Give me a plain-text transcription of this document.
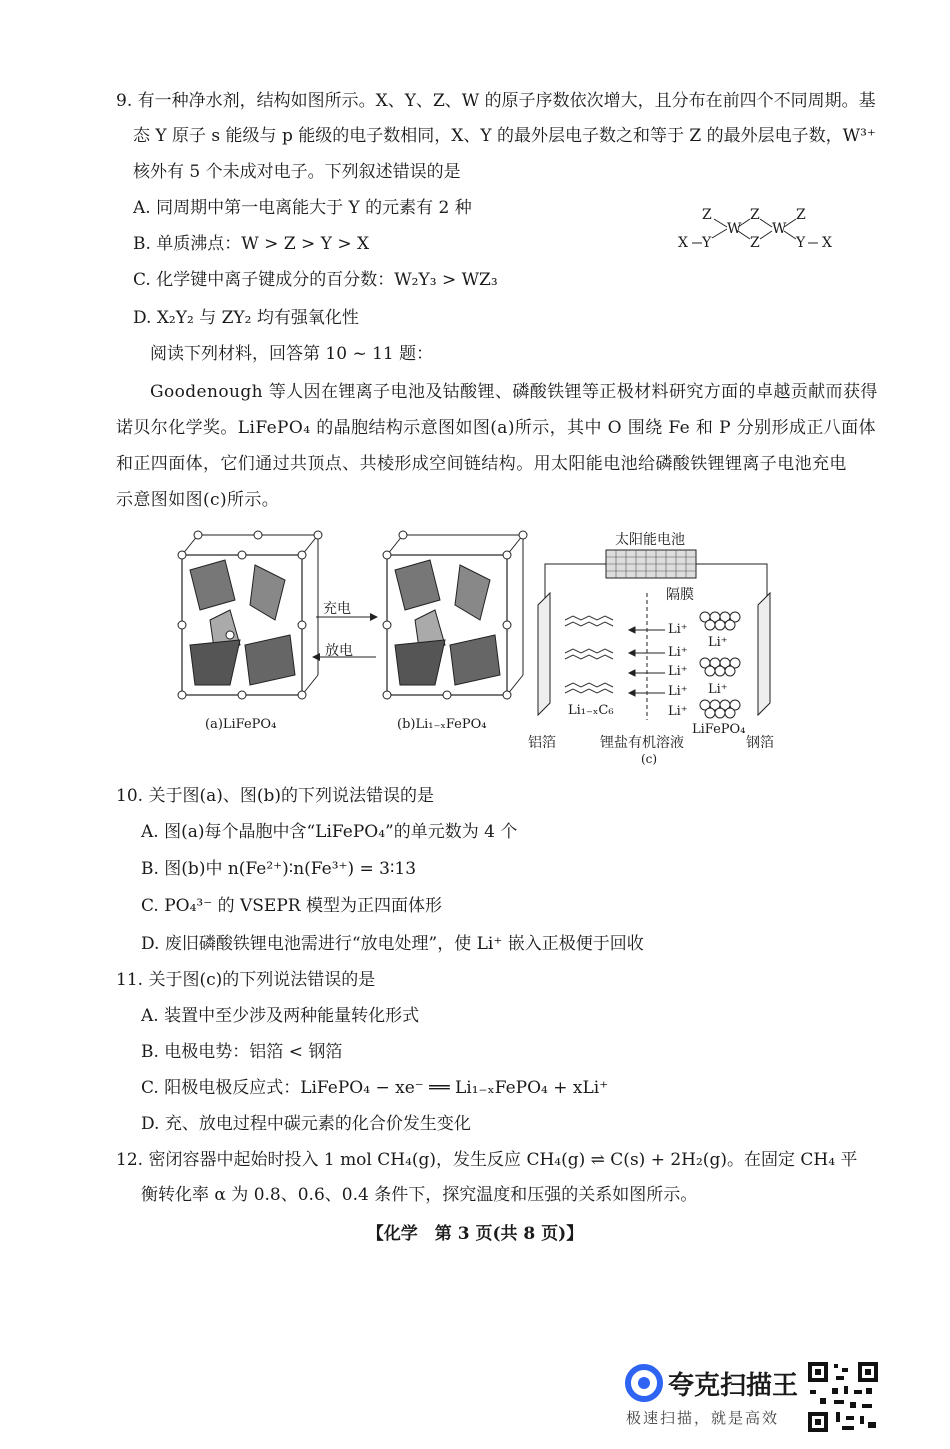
9. 有一种净水剂，结构如图所示。X、Y、Z、W 的原子序数依次增大，且分布在前四个不同周期。基
态 Y 原子 s 能级与 p 能级的电子数相同，X、Y 的最外层电子数之和等于 Z 的最外层电子数，W³⁺
核外有 5 个未成对电子。下列叙述错误的是
A. 同周期中第一电离能大于 Y 的元素有 2 种
B. 单质沸点：W > Z > Y > X
C. 化学键中离子键成分的百分数：W₂Y₃ > WZ₃
D. X₂Y₂ 与 ZY₂ 均有强氧化性
Z	Z	Z
W W
X Y	Z	Y X
阅读下列材料，回答第 10 ~ 11 题：
Goodenough 等人因在锂离子电池及钴酸锂、磷酸铁锂等正极材料研究方面的卓越贡献而获得
诺贝尔化学奖。LiFePO₄ 的晶胞结构示意图如图(a)所示，其中 O 围绕 Fe 和 P 分别形成正八面体
和正四面体，它们通过共顶点、共棱形成空间链结构。用太阳能电池给磷酸铁锂锂离子电池充电
示意图如图(c)所示。
(a)LiFePO₄	(b)Li₁₋ₓFePO₄
充电
放电
太阳能电池
隔膜
Li⁺
Li⁺
Li⁺
Li⁺
Li⁺
Li⁺
Li⁺
Li₁₋ₓC₆
LiFePO₄
铝箔	锂盐有机溶液	钢箔
(c)
10. 关于图(a)、图(b)的下列说法错误的是
A. 图(a)每个晶胞中含“LiFePO₄”的单元数为 4 个
B. 图(b)中 n(Fe²⁺)∶n(Fe³⁺) = 3∶13
C. PO₄³⁻ 的 VSEPR 模型为正四面体形
D. 废旧磷酸铁锂电池需进行“放电处理”，使 Li⁺ 嵌入正极便于回收
11. 关于图(c)的下列说法错误的是
A. 装置中至少涉及两种能量转化形式
B. 电极电势：铝箔 < 钢箔
C. 阳极电极反应式：LiFePO₄ − xe⁻ ══ Li₁₋ₓFePO₄ + xLi⁺
D. 充、放电过程中碳元素的化合价发生变化
12. 密闭容器中起始时投入 1 mol CH₄(g)，发生反应 CH₄(g) ⇌ C(s) + 2H₂(g)。在固定 CH₄ 平
衡转化率 α 为 0.8、0.6、0.4 条件下，探究温度和压强的关系如图所示。
【化学　第 3 页(共 8 页)】
夸克扫描王
极速扫描，就是高效
